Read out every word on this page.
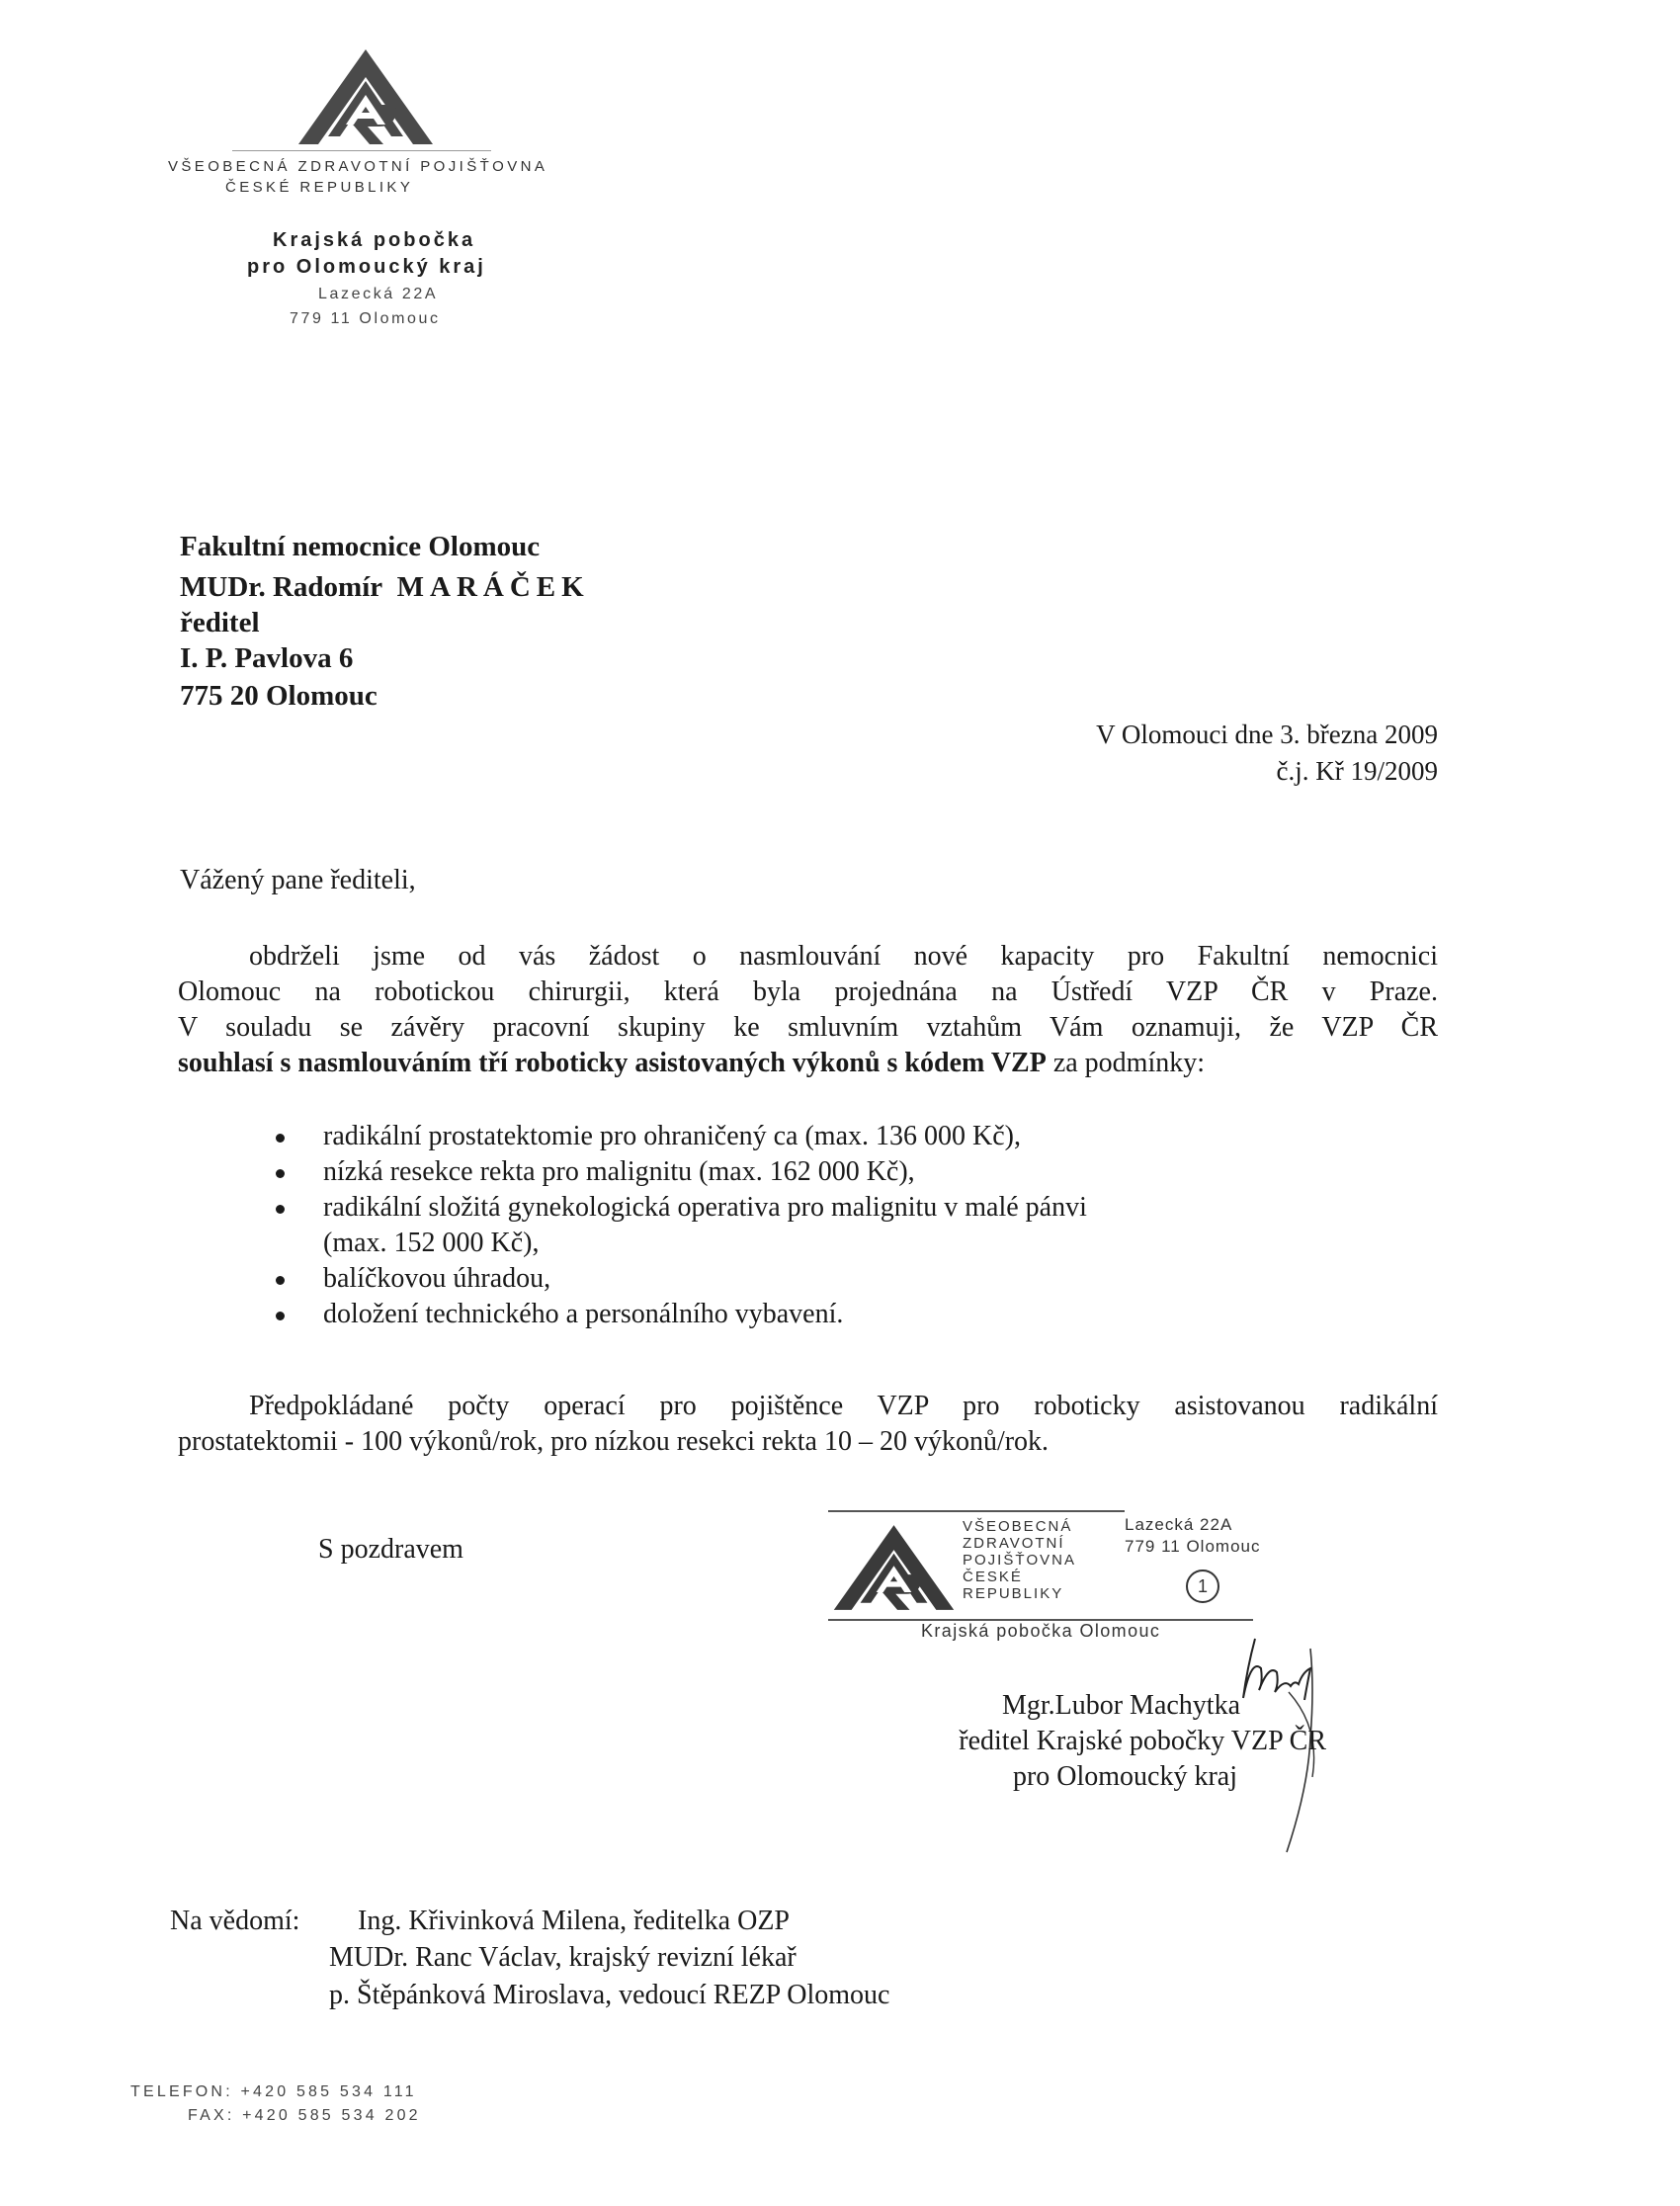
VŠEOBECNÁ ZDRAVOTNÍ POJIŠŤOVNA
ČESKÉ REPUBLIKY
Krajská pobočka
pro Olomoucký kraj
Lazecká 22A
779 11 Olomouc
Fakultní nemocnice Olomouc
MUDr. Radomír MARÁČEK
ředitel
I. P. Pavlova 6
775 20 Olomouc
V Olomouci dne 3. března 2009
č.j. Kř 19/2009
Vážený pane řediteli,
obdrželi jsme od vás žádost o nasmlouvání nové kapacity pro Fakultní nemocnici
Olomouc na robotickou chirurgii, která byla projednána na Ústředí VZP ČR v Praze.
V souladu se závěry pracovní skupiny ke smluvním vztahům Vám oznamuji, že VZP ČR
souhlasí s nasmlouváním tří roboticky asistovaných výkonů s kódem VZP za podmínky:
radikální prostatektomie pro ohraničený ca (max. 136 000 Kč),
nízká resekce rekta pro malignitu (max. 162 000 Kč),
radikální složitá gynekologická operativa pro malignitu v malé pánvi
(max. 152 000 Kč),
balíčkovou úhradou,
doložení technického a personálního vybavení.
Předpokládané počty operací pro pojištěnce VZP pro roboticky asistovanou radikální
prostatektomii - 100 výkonů/rok, pro nízkou resekci rekta 10 – 20 výkonů/rok.
S pozdravem
VŠEOBECNÁ
ZDRAVOTNÍ
POJIŠŤOVNA
ČESKÉ
REPUBLIKY
Lazecká 22A
779 11 Olomouc
1
Krajská pobočka Olomouc
Mgr.Lubor Machytka
ředitel Krajské pobočky VZP ČR
pro Olomoucký kraj
Na vědomí: Ing. Křivinková Milena, ředitelka OZP
MUDr. Ranc Václav, krajský revizní lékař
p. Štěpánková Miroslava, vedoucí REZP Olomouc
TELEFON: +420 585 534 111
FAX: +420 585 534 202
